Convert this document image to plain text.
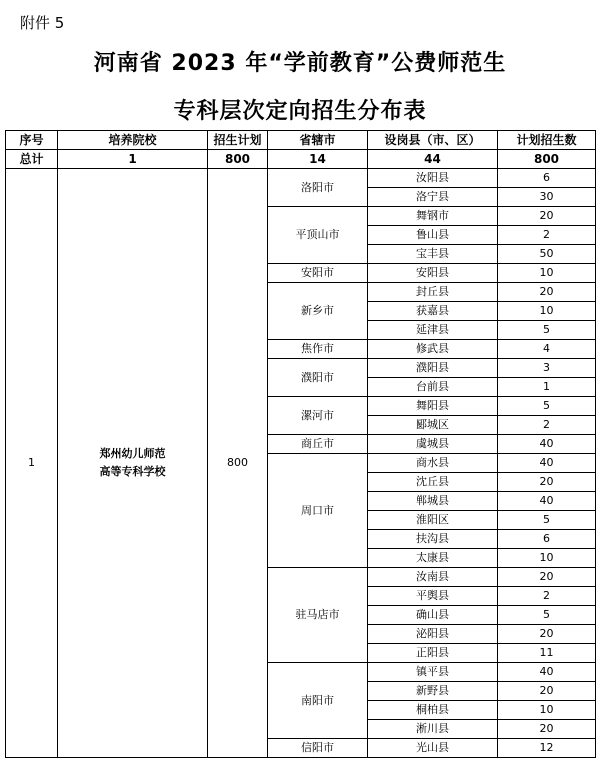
附件 5
河南省 2023 年“学前教育”公费师范生
专科层次定向招生分布表
序号	培养院校	招生计划	省辖市	设岗县（市、区）	计划招生数
总计	1	800	14	44	800
1	郑州幼儿师范
高等专科学校	800	洛阳市	汝阳县	6
				洛宁县	30
			平顶山市	舞钢市	20
				鲁山县	2
				宝丰县	50
			安阳市	安阳县	10
			新乡市	封丘县	20
				获嘉县	10
				延津县	5
			焦作市	修武县	4
			濮阳市	濮阳县	3
				台前县	1
			漯河市	舞阳县	5
				郾城区	2
			商丘市	虞城县	40
			周口市	商水县	40
				沈丘县	20
				郸城县	40
				淮阳区	5
				扶沟县	6
				太康县	10
			驻马店市	汝南县	20
				平舆县	2
				确山县	5
				泌阳县	20
				正阳县	11
			南阳市	镇平县	40
				新野县	20
				桐柏县	10
				淅川县	20
			信阳市	光山县	12
